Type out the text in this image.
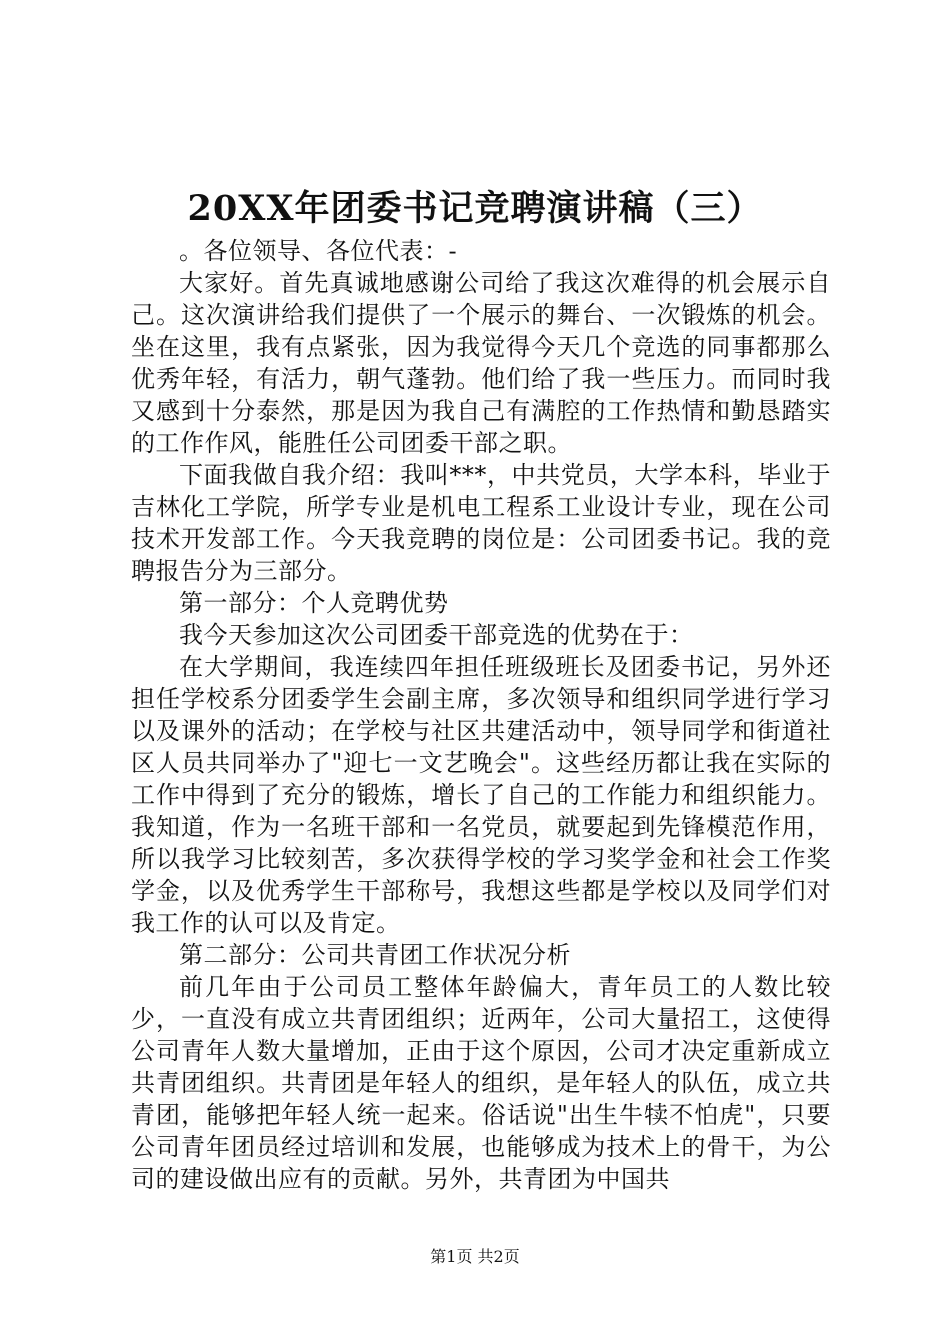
20XX年团委书记竞聘演讲稿（三）

。各位领导、各位代表：-

大家好。首先真诚地感谢公司给了我这次难得的机会展示自己。这次演讲给我们提供了一个展示的舞台、一次锻炼的机会。坐在这里，我有点紧张，因为我觉得今天几个竞选的同事都那么优秀年轻，有活力，朝气蓬勃。他们给了我一些压力。而同时我又感到十分泰然，那是因为我自己有满腔的工作热情和勤恳踏实的工作作风，能胜任公司团委干部之职。

下面我做自我介绍：我叫***，中共党员，大学本科，毕业于吉林化工学院，所学专业是机电工程系工业设计专业，现在公司技术开发部工作。今天我竞聘的岗位是：公司团委书记。我的竞聘报告分为三部分。

第一部分：个人竞聘优势

我今天参加这次公司团委干部竞选的优势在于：

在大学期间，我连续四年担任班级班长及团委书记，另外还担任学校系分团委学生会副主席，多次领导和组织同学进行学习以及课外的活动；在学校与社区共建活动中，领导同学和街道社区人员共同举办了"迎七一文艺晚会"。这些经历都让我在实际的工作中得到了充分的锻炼，增长了自己的工作能力和组织能力。我知道，作为一名班干部和一名党员，就要起到先锋模范作用，所以我学习比较刻苦，多次获得学校的学习奖学金和社会工作奖学金，以及优秀学生干部称号，我想这些都是学校以及同学们对我工作的认可以及肯定。

第二部分：公司共青团工作状况分析

前几年由于公司员工整体年龄偏大，青年员工的人数比较少，一直没有成立共青团组织；近两年，公司大量招工，这使得公司青年人数大量增加，正由于这个原因，公司才决定重新成立共青团组织。共青团是年轻人的组织，是年轻人的队伍，成立共青团，能够把年轻人统一起来。俗话说"出生牛犊不怕虎"，只要公司青年团员经过培训和发展，也能够成为技术上的骨干，为公司的建设做出应有的贡献。另外，共青团为中国共

第1页 共2页
